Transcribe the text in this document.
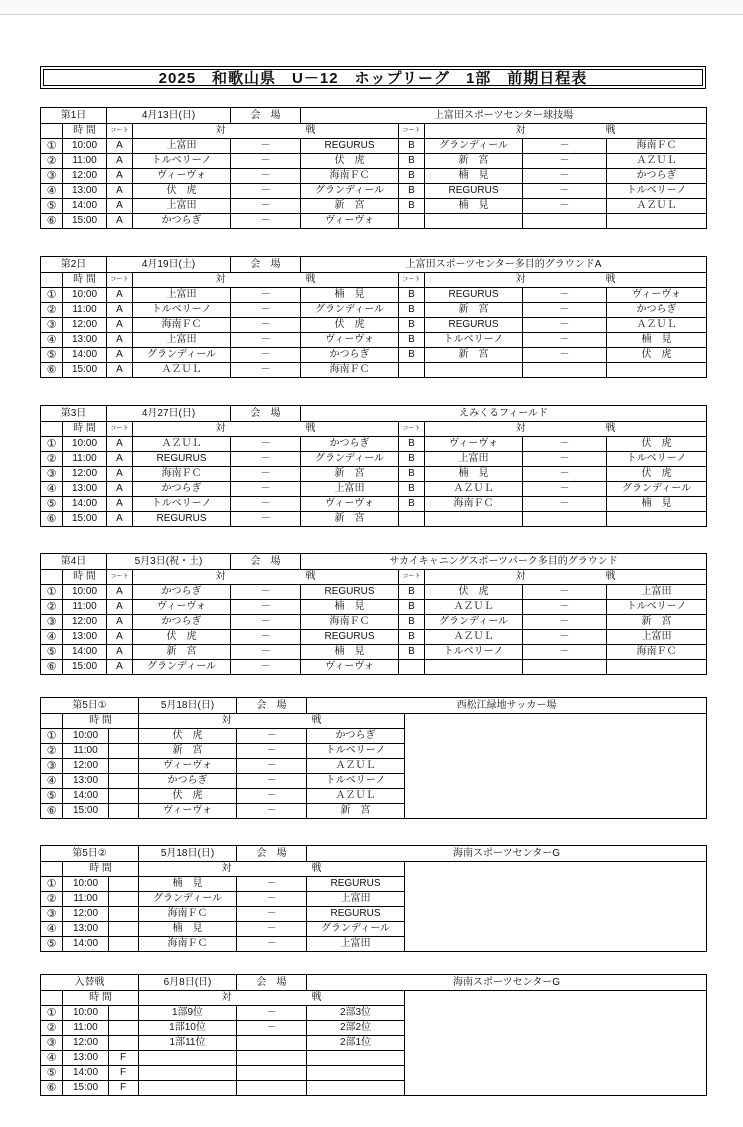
2025　和歌山県　U－12　ホップリーグ　1部　前期日程表
第1日		4月13日(日)		会　場	上富田スポーツセンター球技場				
	時 間	コート	対 戦			コート	対 戦		
①	10:00	A	上富田	－	REGURUS	B	グランディール	－	海南ＦＣ
②	11:00	A	トルベリーノ	－	伏　虎	B	新　宮	－	ＡＺＵＬ
③	12:00	A	ヴィーヴォ	－	海南ＦＣ	B	楠　見	－	かつらぎ
④	13:00	A	伏　虎	－	グランディール	B	REGURUS	－	トルベリーノ
⑤	14:00	A	上富田	－	新　宮	B	楠　見	－	ＡＺＵＬ
⑥	15:00	A	かつらぎ	－	ヴィーヴォ				
第2日		4月19日(土)		会　場	上富田スポーツセンター多目的グラウンドA				
	時 間	コート	対 戦			コート	対 戦		
①	10:00	A	上富田	－	楠　見	B	REGURUS	－	ヴィーヴォ
②	11:00	A	トルベリーノ	－	グランディール	B	新　宮	－	かつらぎ
③	12:00	A	海南ＦＣ	－	伏　虎	B	REGURUS	－	ＡＺＵＬ
④	13:00	A	上富田	－	ヴィーヴォ	B	トルベリーノ	－	楠　見
⑤	14:00	A	グランディール	－	かつらぎ	B	新　宮	－	伏　虎
⑥	15:00	A	ＡＺＵＬ	－	海南ＦＣ				
第3日		4月27日(日)		会　場	えみくるフィールド				
	時 間	コート	対 戦			コート	対 戦		
①	10:00	A	ＡＺＵＬ	－	かつらぎ	B	ヴィーヴォ	－	伏　虎
②	11:00	A	REGURUS	－	グランディール	B	上富田	－	トルベリーノ
③	12:00	A	海南ＦＣ	－	新　宮	B	楠　見	－	伏　虎
④	13:00	A	かつらぎ	－	上富田	B	ＡＺＵＬ	－	グランディール
⑤	14:00	A	トルベリーノ	－	ヴィーヴォ	B	海南ＦＣ	－	楠　見
⑥	15:00	A	REGURUS	－	新　宮				
第4日		5月3日(祝・土)		会　場	サカイキャニングスポーツパーク多目的グラウンド				
	時 間	コート	対 戦			コート	対 戦		
①	10:00	A	かつらぎ	－	REGURUS	B	伏　虎	－	上富田
②	11:00	A	ヴィーヴォ	－	楠　見	B	ＡＺＵＬ	－	トルベリーノ
③	12:00	A	かつらぎ	－	海南ＦＣ	B	グランディール	－	新　宮
④	13:00	A	伏　虎	－	REGURUS	B	ＡＺＵＬ	－	上富田
⑤	14:00	A	新　宮	－	楠　見	B	トルベリーノ	－	海南ＦＣ
⑥	15:00	A	グランディール	－	ヴィーヴォ				
第5日①		5月18日(日)	会　場	西松江緑地サッカー場	
	時 間	対 戦			
①	10:00	伏　虎	－	かつらぎ	
②	11:00	新　宮	－	トルベリーノ	
③	12:00	ヴィーヴォ	－	ＡＺＵＬ	
④	13:00	かつらぎ	－	トルベリーノ	
⑤	14:00	伏　虎	－	ＡＺＵＬ	
⑥	15:00	ヴィーヴォ	－	新　宮	
第5日②		5月18日(日)	会　場	海南スポーツセンターG	
	時 間	対 戦			
①	10:00	楠　見	－	REGURUS	
②	11:00	グランディール	－	上富田	
③	12:00	海南ＦＣ	－	REGURUS	
④	13:00	楠　見	－	グランディール	
⑤	14:00	海南ＦＣ	－	上富田	
入替戦		6月8日(日)	会　場	海南スポーツセンターG	
	時 間	対 戦			
①	10:00	1部9位	－	2部3位	
②	11:00	1部10位	－	2部2位	
③	12:00	1部11位		2部1位	
④	13:00 F				
⑤	14:00 F				
⑥	15:00 F				
